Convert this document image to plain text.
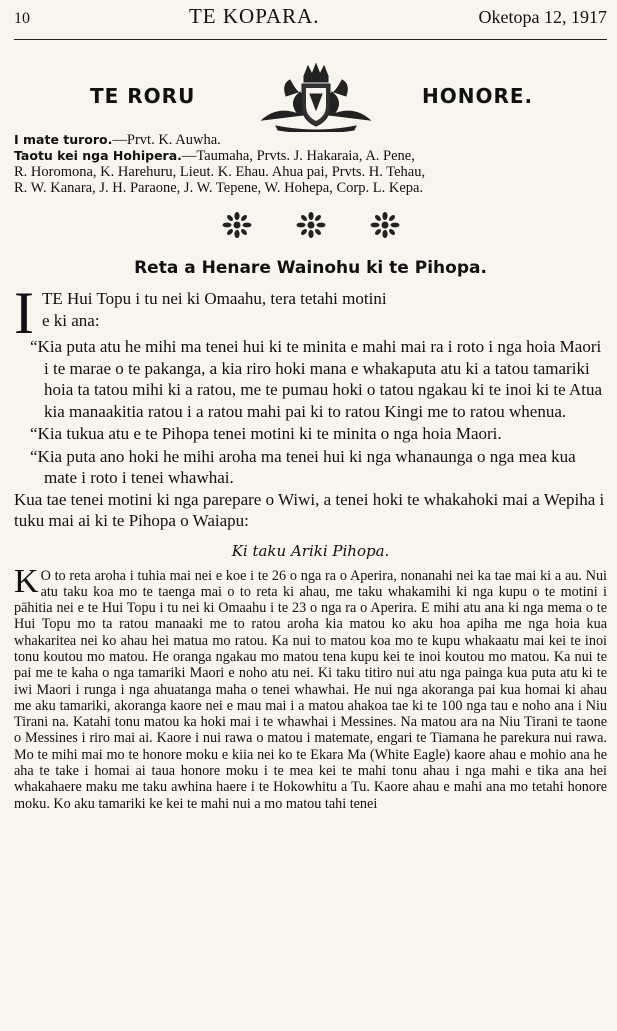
10	TE KOPARA.	Oketopa 12, 1917
TE RORU	HONORE.
I mate turoro.—Prvt. K. Auwha.
Taotu kei nga Hohipera.—Taumaha, Prvts. J. Hakaraia, A. Pene,
R. Horomona, K. Harehuru, Lieut. K. Ehau. Ahua pai, Prvts. H. Tehau,
R. W. Kanara, J. H. Paraone, J. W. Tepene, W. Hohepa, Corp. L. Kepa.
Reta a Henare Wainohu ki te Pihopa.
I TE Hui Topu i tu nei ki Omaahu, tera tetahi motini
e ki ana:

“Kia puta atu he mihi ma tenei hui ki te minita e mahi mai ra i roto i nga hoia Maori i te marae o te pakanga, a kia riro hoki mana e whakaputa atu ki a tatou tamariki hoia ta tatou mihi ki a ratou, me te pumau hoki o tatou ngakau ki te inoi ki te Atua kia manaakitia ratou i a ratou mahi pai ki to ratou Kingi me to ratou whenua.

“Kia tukua atu e te Pihopa tenei motini ki te minita o nga hoia Maori.

“Kia puta ano hoki he mihi aroha ma tenei hui ki nga whanaunga o nga mea kua mate i roto i tenei whawhai.

Kua tae tenei motini ki nga parepare o Wiwi, a tenei hoki te whakahoki mai a Wepiha i tuku mai ai ki te Pihopa o Waiapu:

Ki taku Ariki Pihopa.
K O to reta aroha i tuhia mai nei e koe i te 26 o nga ra o Aperira, nonanahi nei ka tae mai ki a au. Nui atu taku koa mo te taenga mai o to reta ki ahau, me taku whakamihi ki nga kupu o te motini i pāhitia nei e te Hui Topu i tu nei ki Omaahu i te 23 o nga ra o Aperira. E mihi atu ana ki nga mema o te Hui Topu mo ta ratou manaaki me to ratou aroha kia matou ko aku hoa apiha me nga hoia kua whakaritea nei ko ahau hei matua mo ratou. Ka nui to matou koa mo te kupu whakaatu mai kei te inoi tonu koutou mo matou. He oranga ngakau mo matou tena kupu kei te inoi koutou mo matou. Ka nui te pai me te kaha o nga tamariki Maori e noho atu nei. Ki taku titiro nui atu nga painga kua puta atu ki te iwi Maori i runga i nga ahuatanga maha o tenei whawhai. He nui nga akoranga pai kua homai ki ahau me aku tamariki, akoranga kaore nei e mau mai i a matou ahakoa tae ki te 100 nga tau e noho ana i Niu Tirani na. Katahi tonu matou ka hoki mai i te whawhai i Messines. Na matou ara na Niu Tirani te taone o Messines i riro mai ai. Kaore i nui rawa o matou i matemate, engari te Tiamana he parekura nui rawa. Mo te mihi mai mo te honore moku e kiia nei ko te Ekara Ma (White Eagle) kaore ahau e mohio ana he aha te take i homai ai taua honore moku i te mea kei te mahi tonu ahau i nga mahi e tika ana hei whakahaere maku me taku awhina haere i te Hokowhitu a Tu. Kaore ahau e mahi ana mo tetahi honore moku. Ko aku tamariki ke kei te mahi nui a mo matou tahi tenei
